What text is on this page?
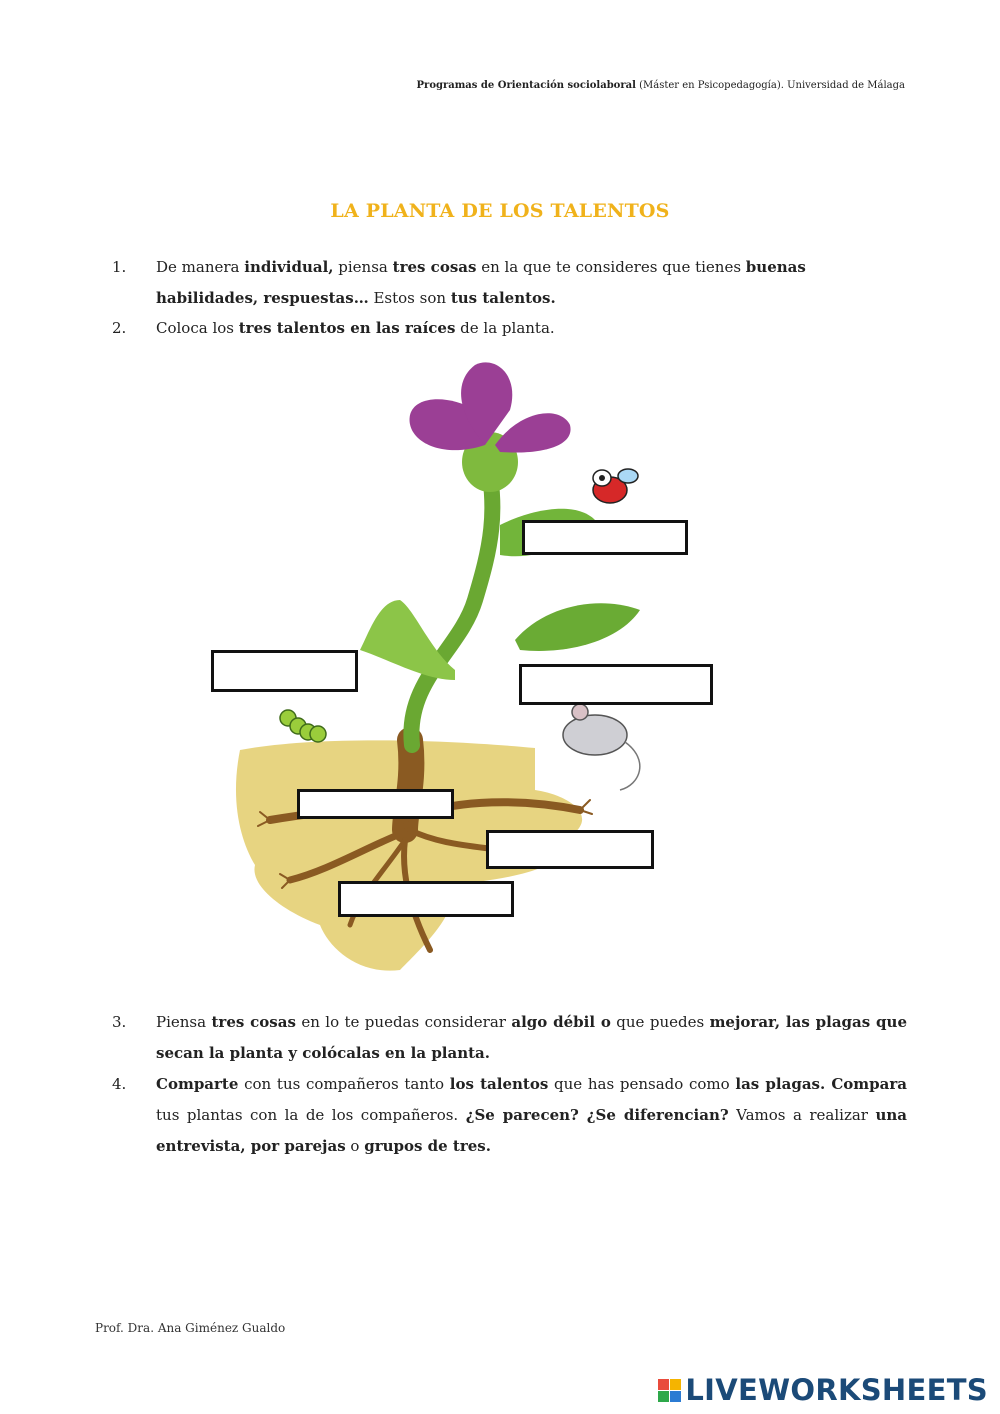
Programas de Orientación sociolaboral (Máster en Psicopedagogía). Universidad de Málaga
LA PLANTA DE LOS TALENTOS
1. De manera individual, piensa tres cosas en la que te consideres que tienes buenas habilidades, respuestas… Estos son tus talentos.
2. Coloca los tres talentos en las raíces de la planta.
3. Piensa tres cosas en lo te puedas considerar algo débil o que puedes mejorar, las plagas que secan la planta y colócalas en la planta.
4. Comparte con tus compañeros tanto los talentos que has pensado como las plagas. Compara tus plantas con la de los compañeros. ¿Se parecen? ¿Se diferencian? Vamos a realizar una entrevista, por parejas o grupos de tres.
Prof. Dra. Ana Giménez Gualdo
LIVEWORKSHEETS
